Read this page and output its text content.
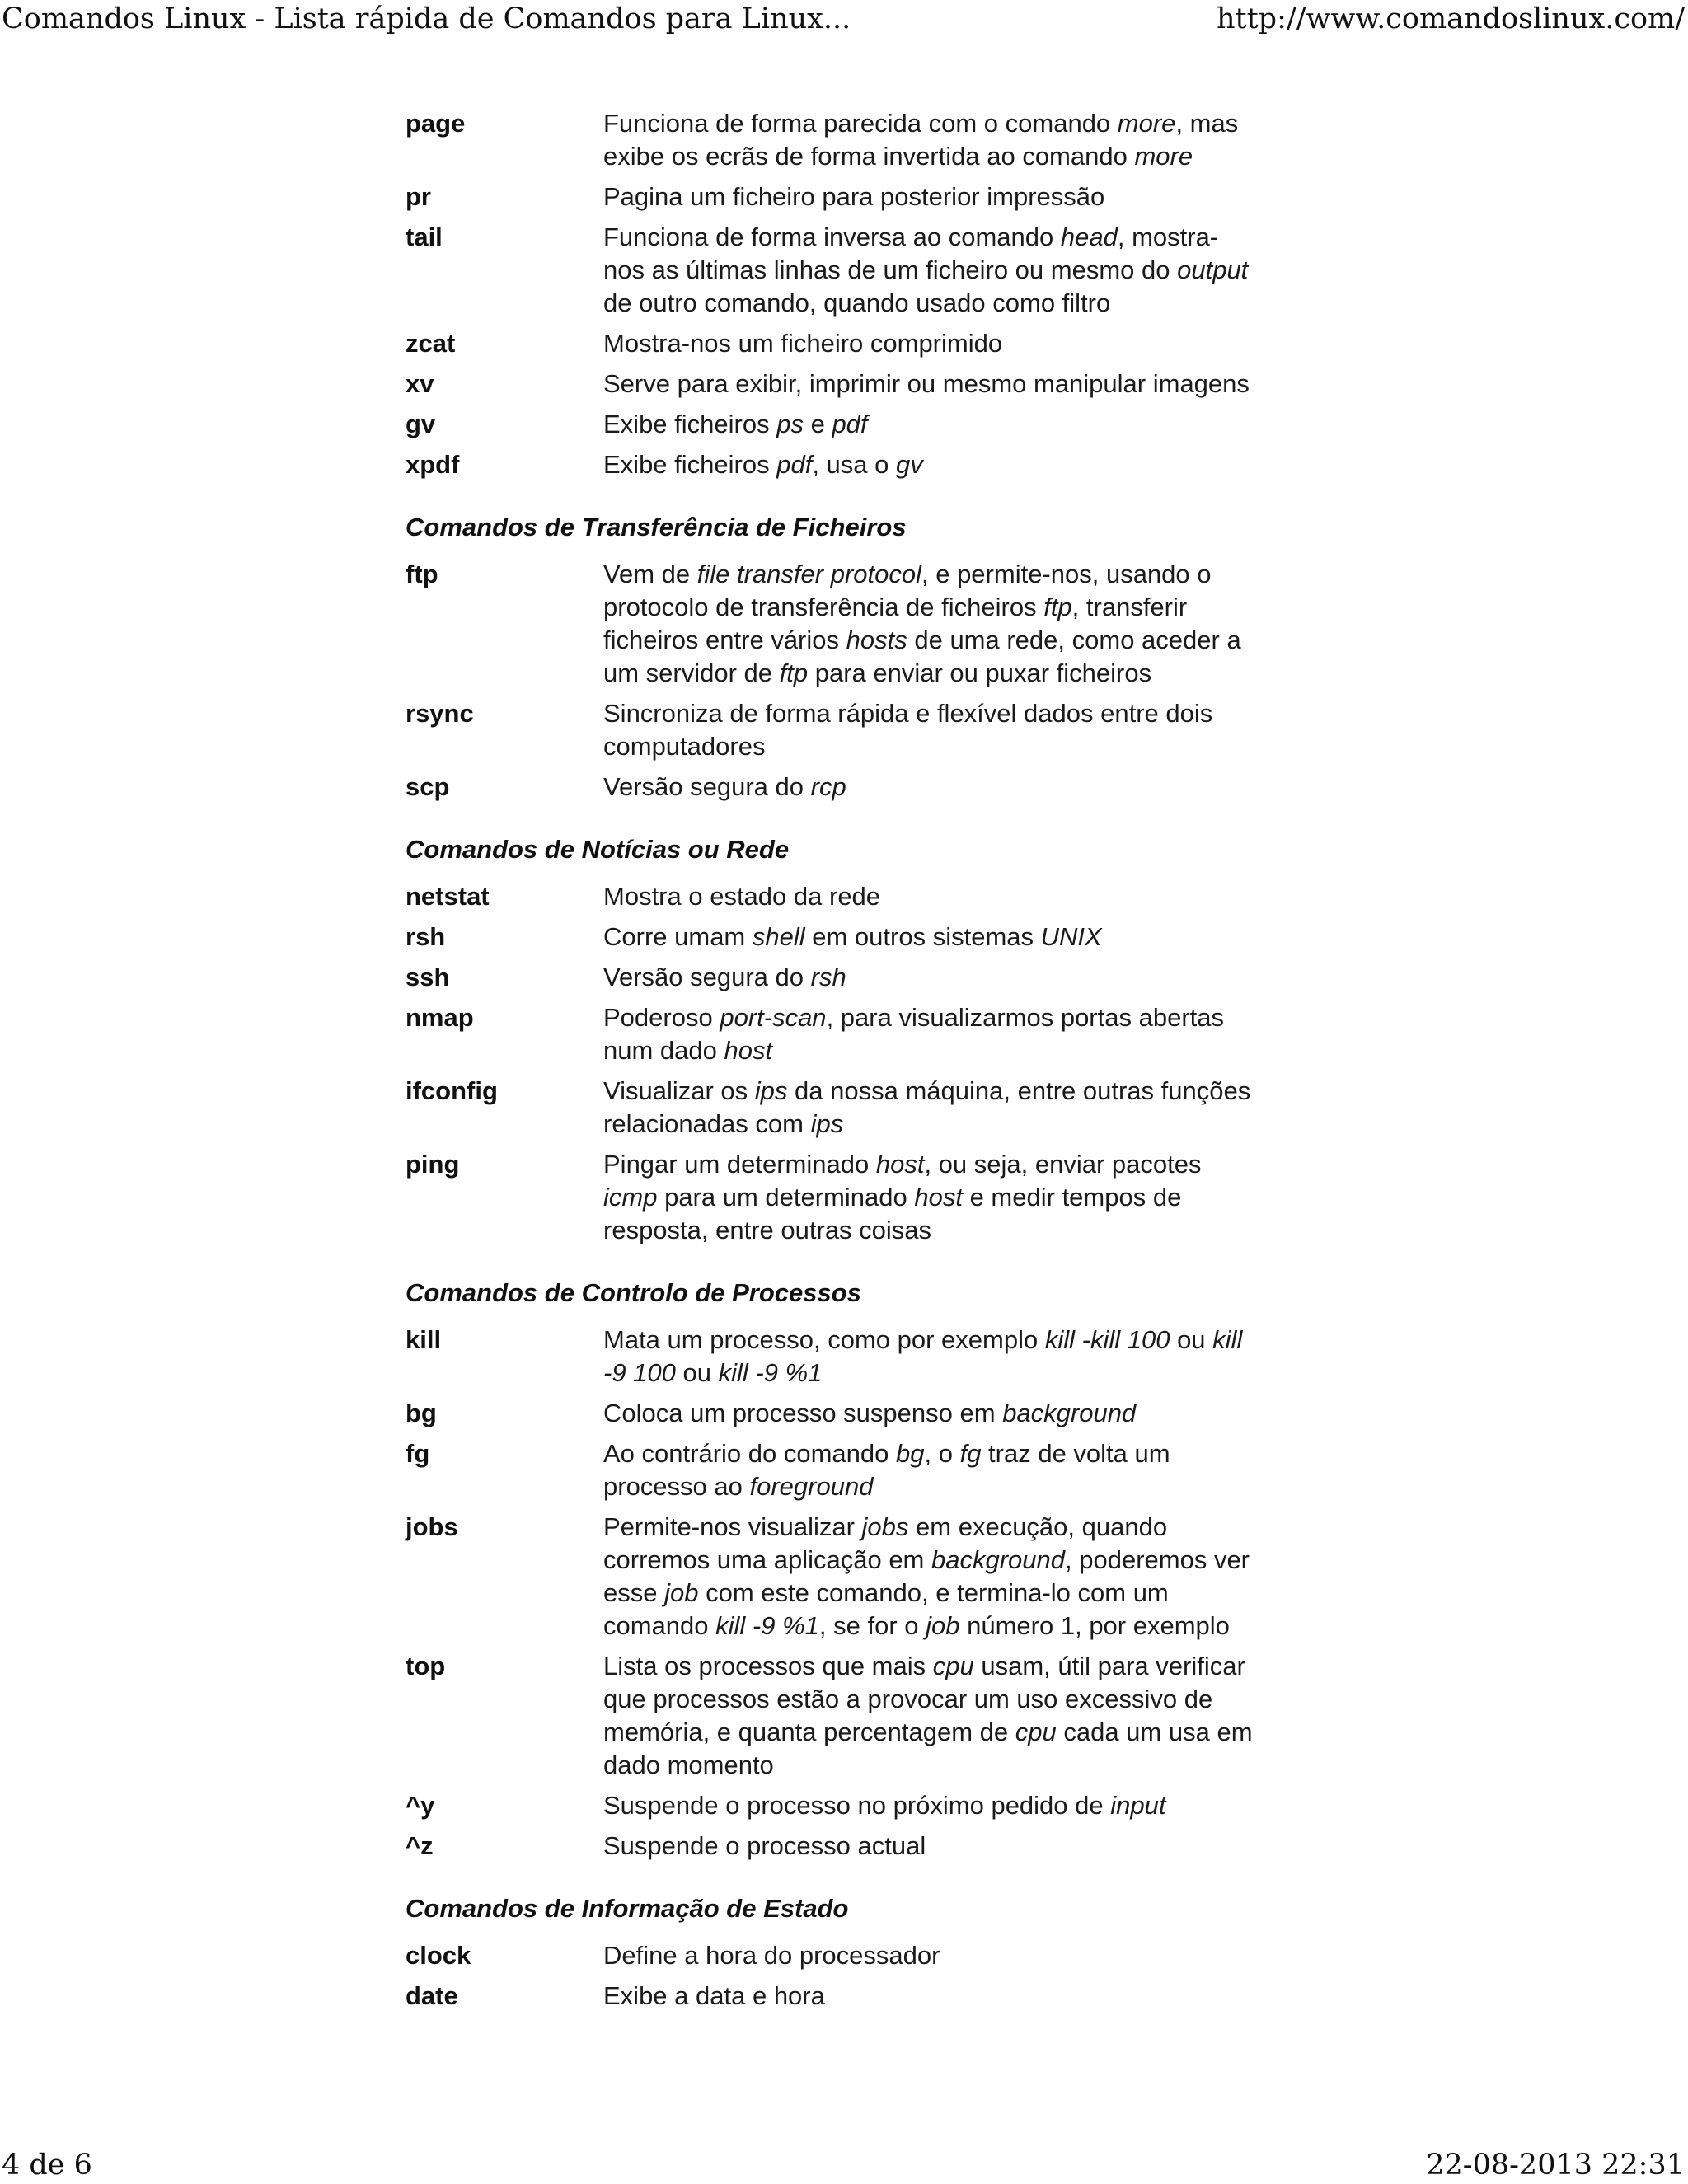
Comandos Linux - Lista rápida de Comandos para Linux...	http://www.comandoslinux.com/
page	Funciona de forma parecida com o comando more, mas exibe os ecrãs de forma invertida ao comando more
pr	Pagina um ficheiro para posterior impressão
tail	Funciona de forma inversa ao comando head, mostra-nos as últimas linhas de um ficheiro ou mesmo do output de outro comando, quando usado como filtro
zcat	Mostra-nos um ficheiro comprimido
xv	Serve para exibir, imprimir ou mesmo manipular imagens
gv	Exibe ficheiros ps e pdf
xpdf	Exibe ficheiros pdf, usa o gv
Comandos de Transferência de Ficheiros
ftp	Vem de file transfer protocol, e permite-nos, usando o protocolo de transferência de ficheiros ftp, transferir ficheiros entre vários hosts de uma rede, como aceder a um servidor de ftp para enviar ou puxar ficheiros
rsync	Sincroniza de forma rápida e flexível dados entre dois computadores
scp	Versão segura do rcp
Comandos de Notícias ou Rede
netstat	Mostra o estado da rede
rsh	Corre umam shell em outros sistemas UNIX
ssh	Versão segura do rsh
nmap	Poderoso port-scan, para visualizarmos portas abertas num dado host
ifconfig	Visualizar os ips da nossa máquina, entre outras funções relacionadas com ips
ping	Pingar um determinado host, ou seja, enviar pacotes icmp para um determinado host e medir tempos de resposta, entre outras coisas
Comandos de Controlo de Processos
kill	Mata um processo, como por exemplo kill -kill 100 ou kill -9 100 ou kill -9 %1
bg	Coloca um processo suspenso em background
fg	Ao contrário do comando bg, o fg traz de volta um processo ao foreground
jobs	Permite-nos visualizar jobs em execução, quando corremos uma aplicação em background, poderemos ver esse job com este comando, e termina-lo com um comando kill -9 %1, se for o job número 1, por exemplo
top	Lista os processos que mais cpu usam, útil para verificar que processos estão a provocar um uso excessivo de memória, e quanta percentagem de cpu cada um usa em dado momento
^y	Suspende o processo no próximo pedido de input
^z	Suspende o processo actual
Comandos de Informação de Estado
clock	Define a hora do processador
date	Exibe a data e hora
4 de 6	22-08-2013 22:31
